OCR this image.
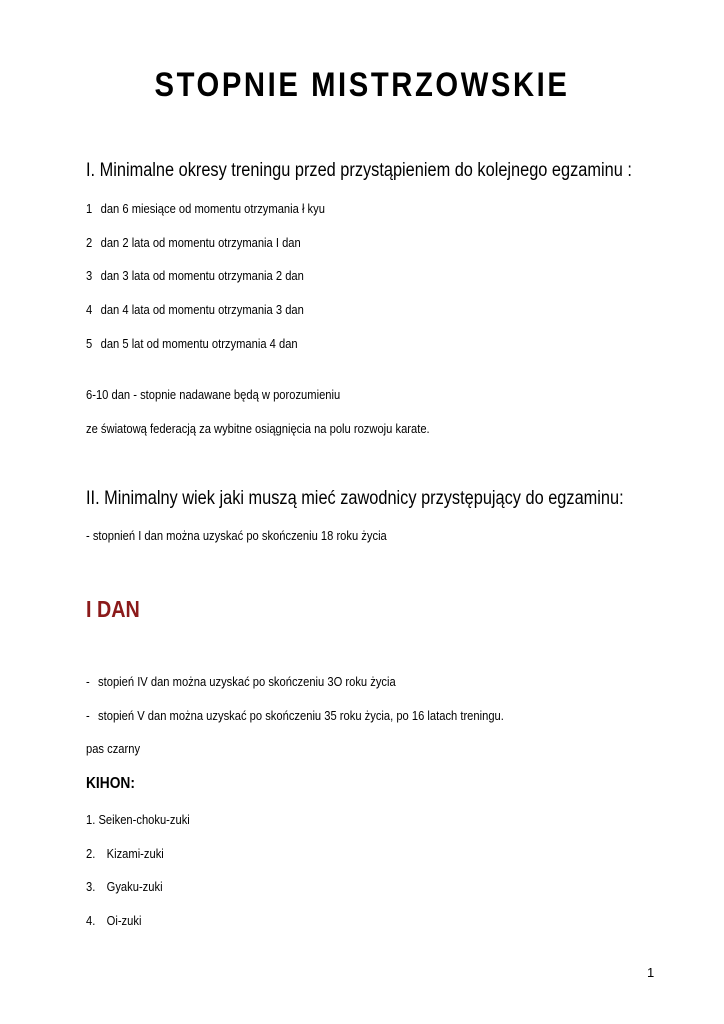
STOPNIE MISTRZOWSKIE
I. Minimalne okresy treningu przed przystąpieniem do kolejnego egzaminu :
1 dan 6 miesiące od momentu otrzymania ł kyu
2 dan 2 lata od momentu otrzymania I dan
3 dan 3 lata od momentu otrzymania 2 dan
4 dan 4 lata od momentu otrzymania 3 dan
5 dan 5 lat od momentu otrzymania 4 dan
6-10 dan - stopnie nadawane będą w porozumieniu
ze światową federacją za wybitne osiągnięcia na polu rozwoju karate.
II. Minimalny wiek jaki muszą mieć zawodnicy przystępujący do egzaminu:
- stopnień I dan można uzyskać po skończeniu 18 roku życia
I DAN
- stopień IV dan można uzyskać po skończeniu 3O roku życia
- stopień V dan można uzyskać po skończeniu 35 roku życia, po 16 latach treningu.
pas czarny
KIHON:
1. Seiken-choku-zuki
2. Kizami-zuki
3. Gyaku-zuki
4. Oi-zuki
1
